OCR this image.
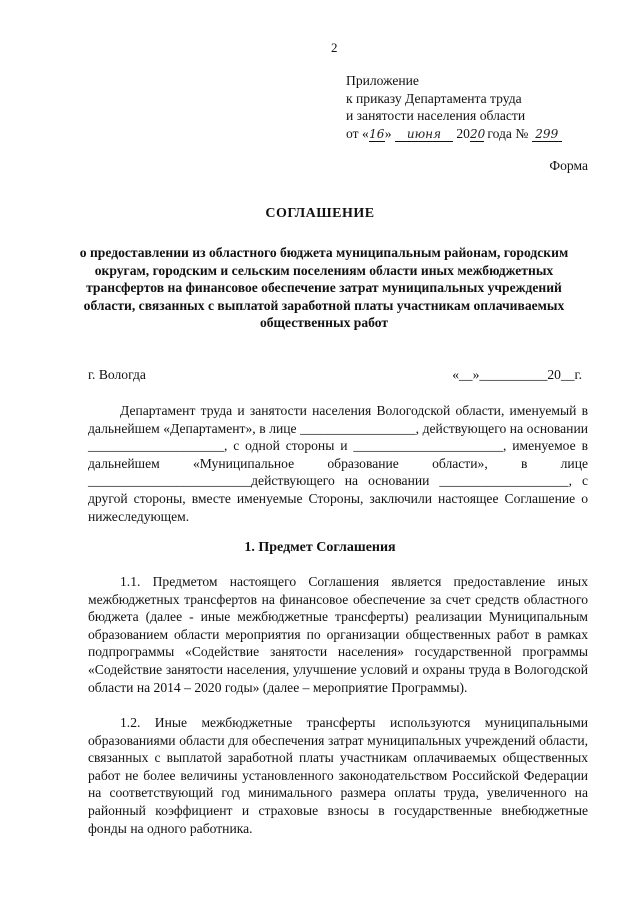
2
Приложение
к приказу Департамента труда
и занятости населения области
от «16» июня 2020 года № 299
Форма
СОГЛАШЕНИЕ
о предоставлении из областного бюджета муниципальным районам, городским округам, городским и сельским поселениям области иных межбюджетных трансфертов на финансовое обеспечение затрат муниципальных учреждений области, связанных с выплатой заработной платы участникам оплачиваемых общественных работ
г. Вологда	«__»__________20__г.
Департамент труда и занятости населения Вологодской области, именуемый в дальнейшем «Департамент», в лице _________________, действующего на основании ____________________, с одной стороны и ______________________, именуемое в дальнейшем «Муниципальное образование области», в лице ________________________действующего на основании ___________________, с другой стороны, вместе именуемые Стороны, заключили настоящее Соглашение о нижеследующем.
1. Предмет Соглашения
1.1. Предметом настоящего Соглашения является предоставление иных межбюджетных трансфертов на финансовое обеспечение за счет средств областного бюджета (далее - иные межбюджетные трансферты) реализации Муниципальным образованием области мероприятия по организации общественных работ в рамках подпрограммы «Содействие занятости населения» государственной программы «Содействие занятости населения, улучшение условий и охраны труда в Вологодской области на 2014 – 2020 годы» (далее – мероприятие Программы).
1.2. Иные межбюджетные трансферты используются муниципальными образованиями области для обеспечения затрат муниципальных учреждений области, связанных с выплатой заработной платы участникам оплачиваемых общественных работ не более величины установленного законодательством Российской Федерации на соответствующий год минимального размера оплаты труда, увеличенного на районный коэффициент и страховые взносы в государственные внебюджетные фонды на одного работника.
